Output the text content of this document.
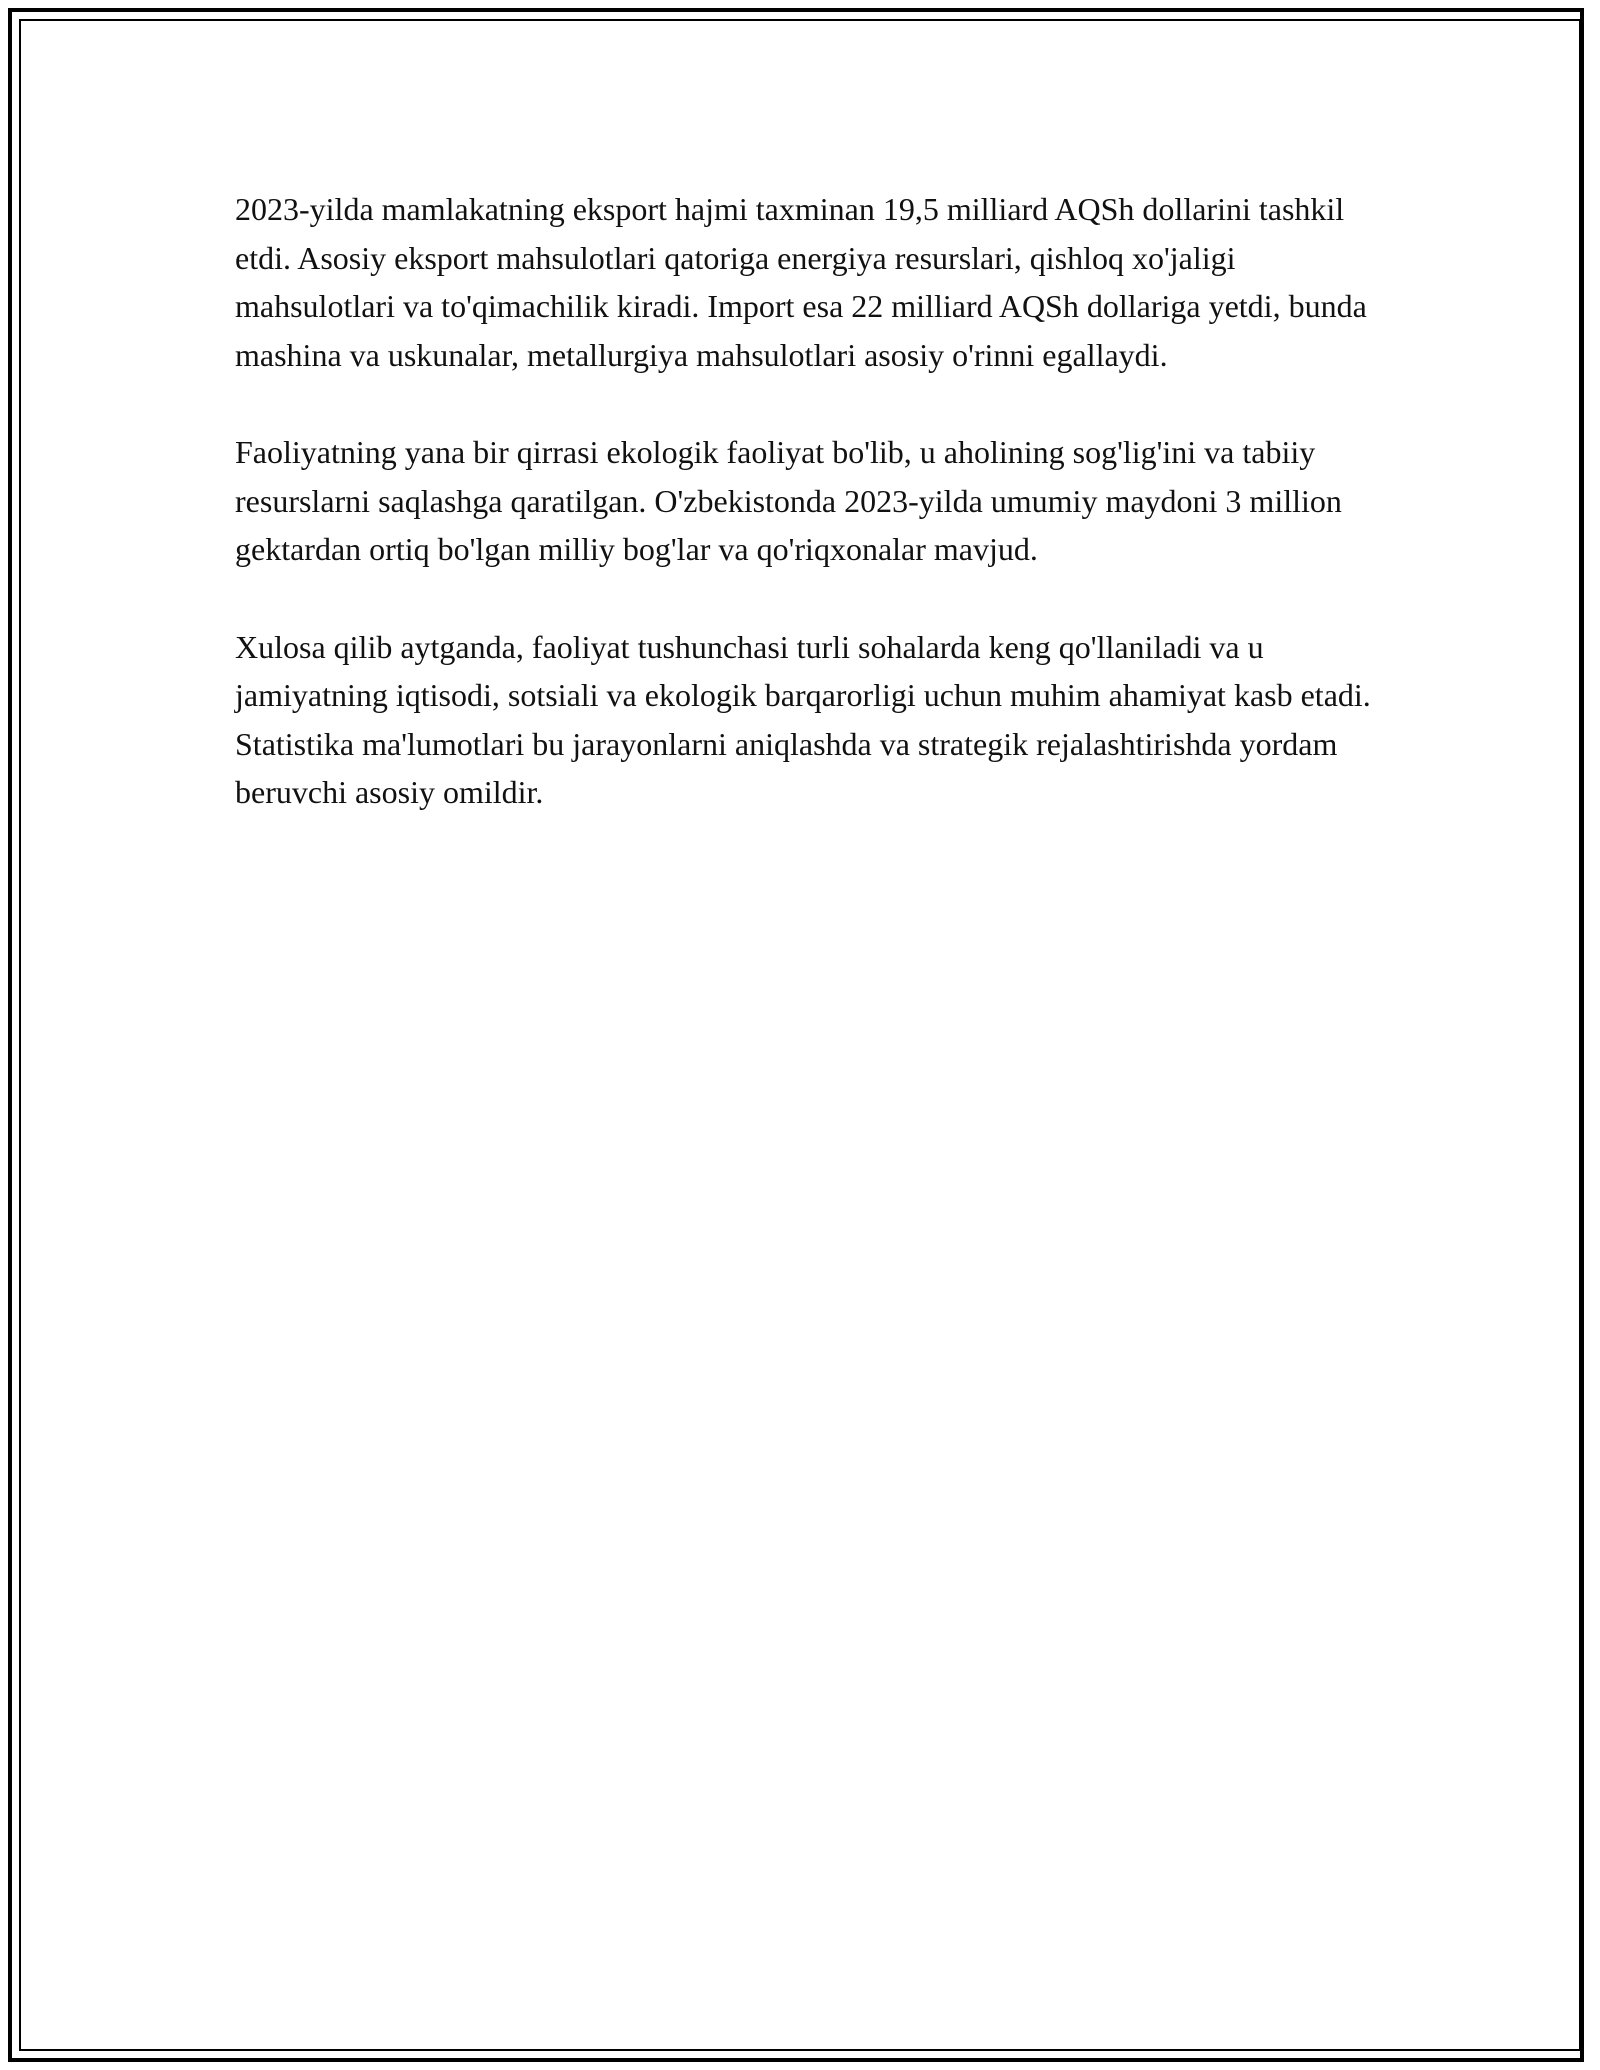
2023-yilda mamlakatning eksport hajmi taxminan 19,5 milliard AQSh dollarini tashkil etdi. Asosiy eksport mahsulotlari qatoriga energiya resurslari, qishloq xo'jaligi mahsulotlari va to'qimachilik kiradi. Import esa 22 milliard AQSh dollariga yetdi, bunda mashina va uskunalar, metallurgiya mahsulotlari asosiy o'rinni egallaydi.

Faoliyatning yana bir qirrasi ekologik faoliyat bo'lib, u aholining sog'lig'ini va tabiiy resurslarni saqlashga qaratilgan. O'zbekistonda 2023-yilda umumiy maydoni 3 million gektardan ortiq bo'lgan milliy bog'lar va qo'riqxonalar mavjud.

Xulosa qilib aytganda, faoliyat tushunchasi turli sohalarda keng qo'llaniladi va u jamiyatning iqtisodi, sotsiali va ekologik barqarorligi uchun muhim ahamiyat kasb etadi. Statistika ma'lumotlari bu jarayonlarni aniqlashda va strategik rejalashtirishda yordam beruvchi asosiy omildir.
